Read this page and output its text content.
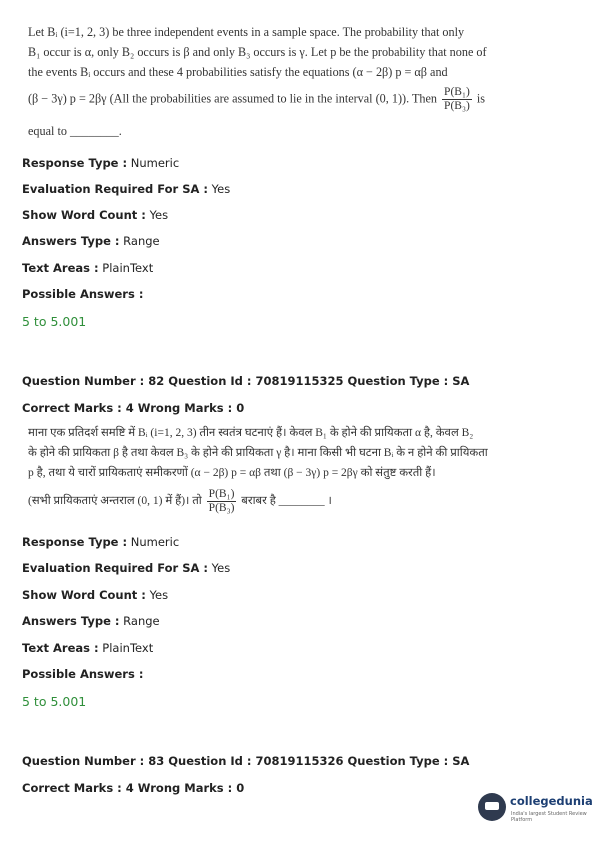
Let Bᵢ (i=1, 2, 3) be three independent events in a sample space. The probability that only

B₁ occur is α, only B₂ occurs is β and only B₃ occurs is γ. Let p be the probability that none of

the events Bᵢ occurs and these 4 probabilities satisfy the equations (α − 2β) p = αβ and

(β − 3γ) p = 2βγ (All the probabilities are assumed to lie in the interval (0, 1)). Then $\frac{\text{P(B₁)}}{\text{P(B₃)}}$ is

equal to ________.

Response Type : Numeric
Evaluation Required For SA : Yes
Show Word Count : Yes
Answers Type : Range
Text Areas : PlainText
Possible Answers :
5 to 5.001
Question Number : 82 Question Id : 70819115325 Question Type : SA
Correct Marks : 4 Wrong Marks : 0

माना एक प्रतिदर्श समष्टि में Bᵢ (i=1, 2, 3) तीन स्वतंत्र घटनाएं हैं। केवल B₁ के होने की प्रायिकता α है, केवल B₂

के होने की प्रायिकता β है तथा केवल B₃ के होने की प्रायिकता γ है। माना किसी भी घटना Bᵢ के न होने की प्रायिकता

p है, तथा ये चारों प्रायिकताएं समीकरणों (α − 2β) p = αβ तथा (β − 3γ) p = 2βγ को संतुष्ट करती हैं।

(सभी प्रायिकताएं अन्तराल (0, 1) में हैं)। तो $\frac{\text{P(B₁)}}{\text{P(B₃)}}$ बराबर है ________ ।

Response Type : Numeric
Evaluation Required For SA : Yes
Show Word Count : Yes
Answers Type : Range
Text Areas : PlainText
Possible Answers :
5 to 5.001
Question Number : 83 Question Id : 70819115326 Question Type : SA
Correct Marks : 4 Wrong Marks : 0
collegedunia
India's largest Student Review Platform
